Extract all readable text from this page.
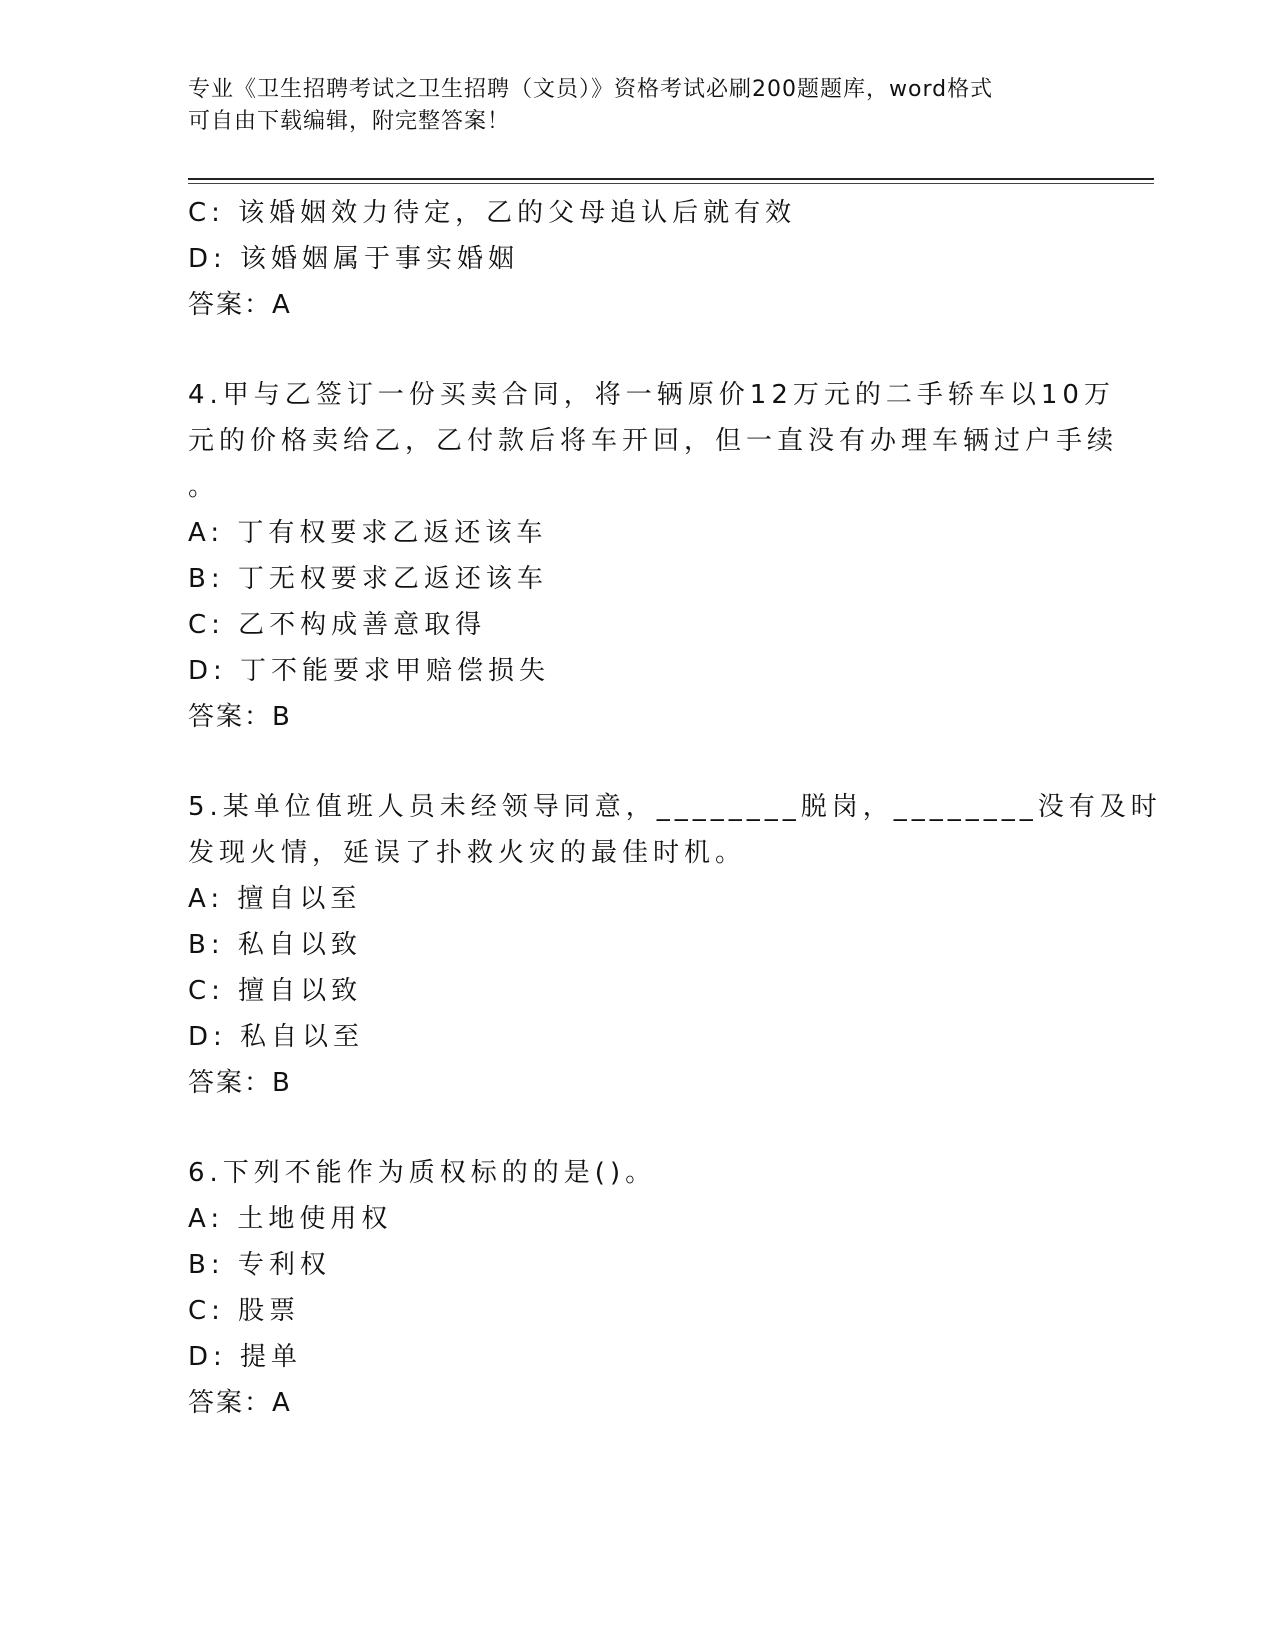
专业《卫生招聘考试之卫生招聘（文员）》资格考试必刷200题题库，word格式
可自由下载编辑，附完整答案！
C: 该婚姻效力待定，乙的父母追认后就有效
D: 该婚姻属于事实婚姻
答案：A
4.甲与乙签订一份买卖合同，将一辆原价12万元的二手轿车以10万
元的价格卖给乙，乙付款后将车开回，但一直没有办理车辆过户手续
。
A: 丁有权要求乙返还该车
B: 丁无权要求乙返还该车
C: 乙不构成善意取得
D: 丁不能要求甲赔偿损失
答案：B
5.某单位值班人员未经领导同意，________脱岗，________没有及时
发现火情，延误了扑救火灾的最佳时机。
A: 擅自以至
B: 私自以致
C: 擅自以致
D: 私自以至
答案：B
6.下列不能作为质权标的的是()。
A: 土地使用权
B: 专利权
C: 股票
D: 提单
答案：A
